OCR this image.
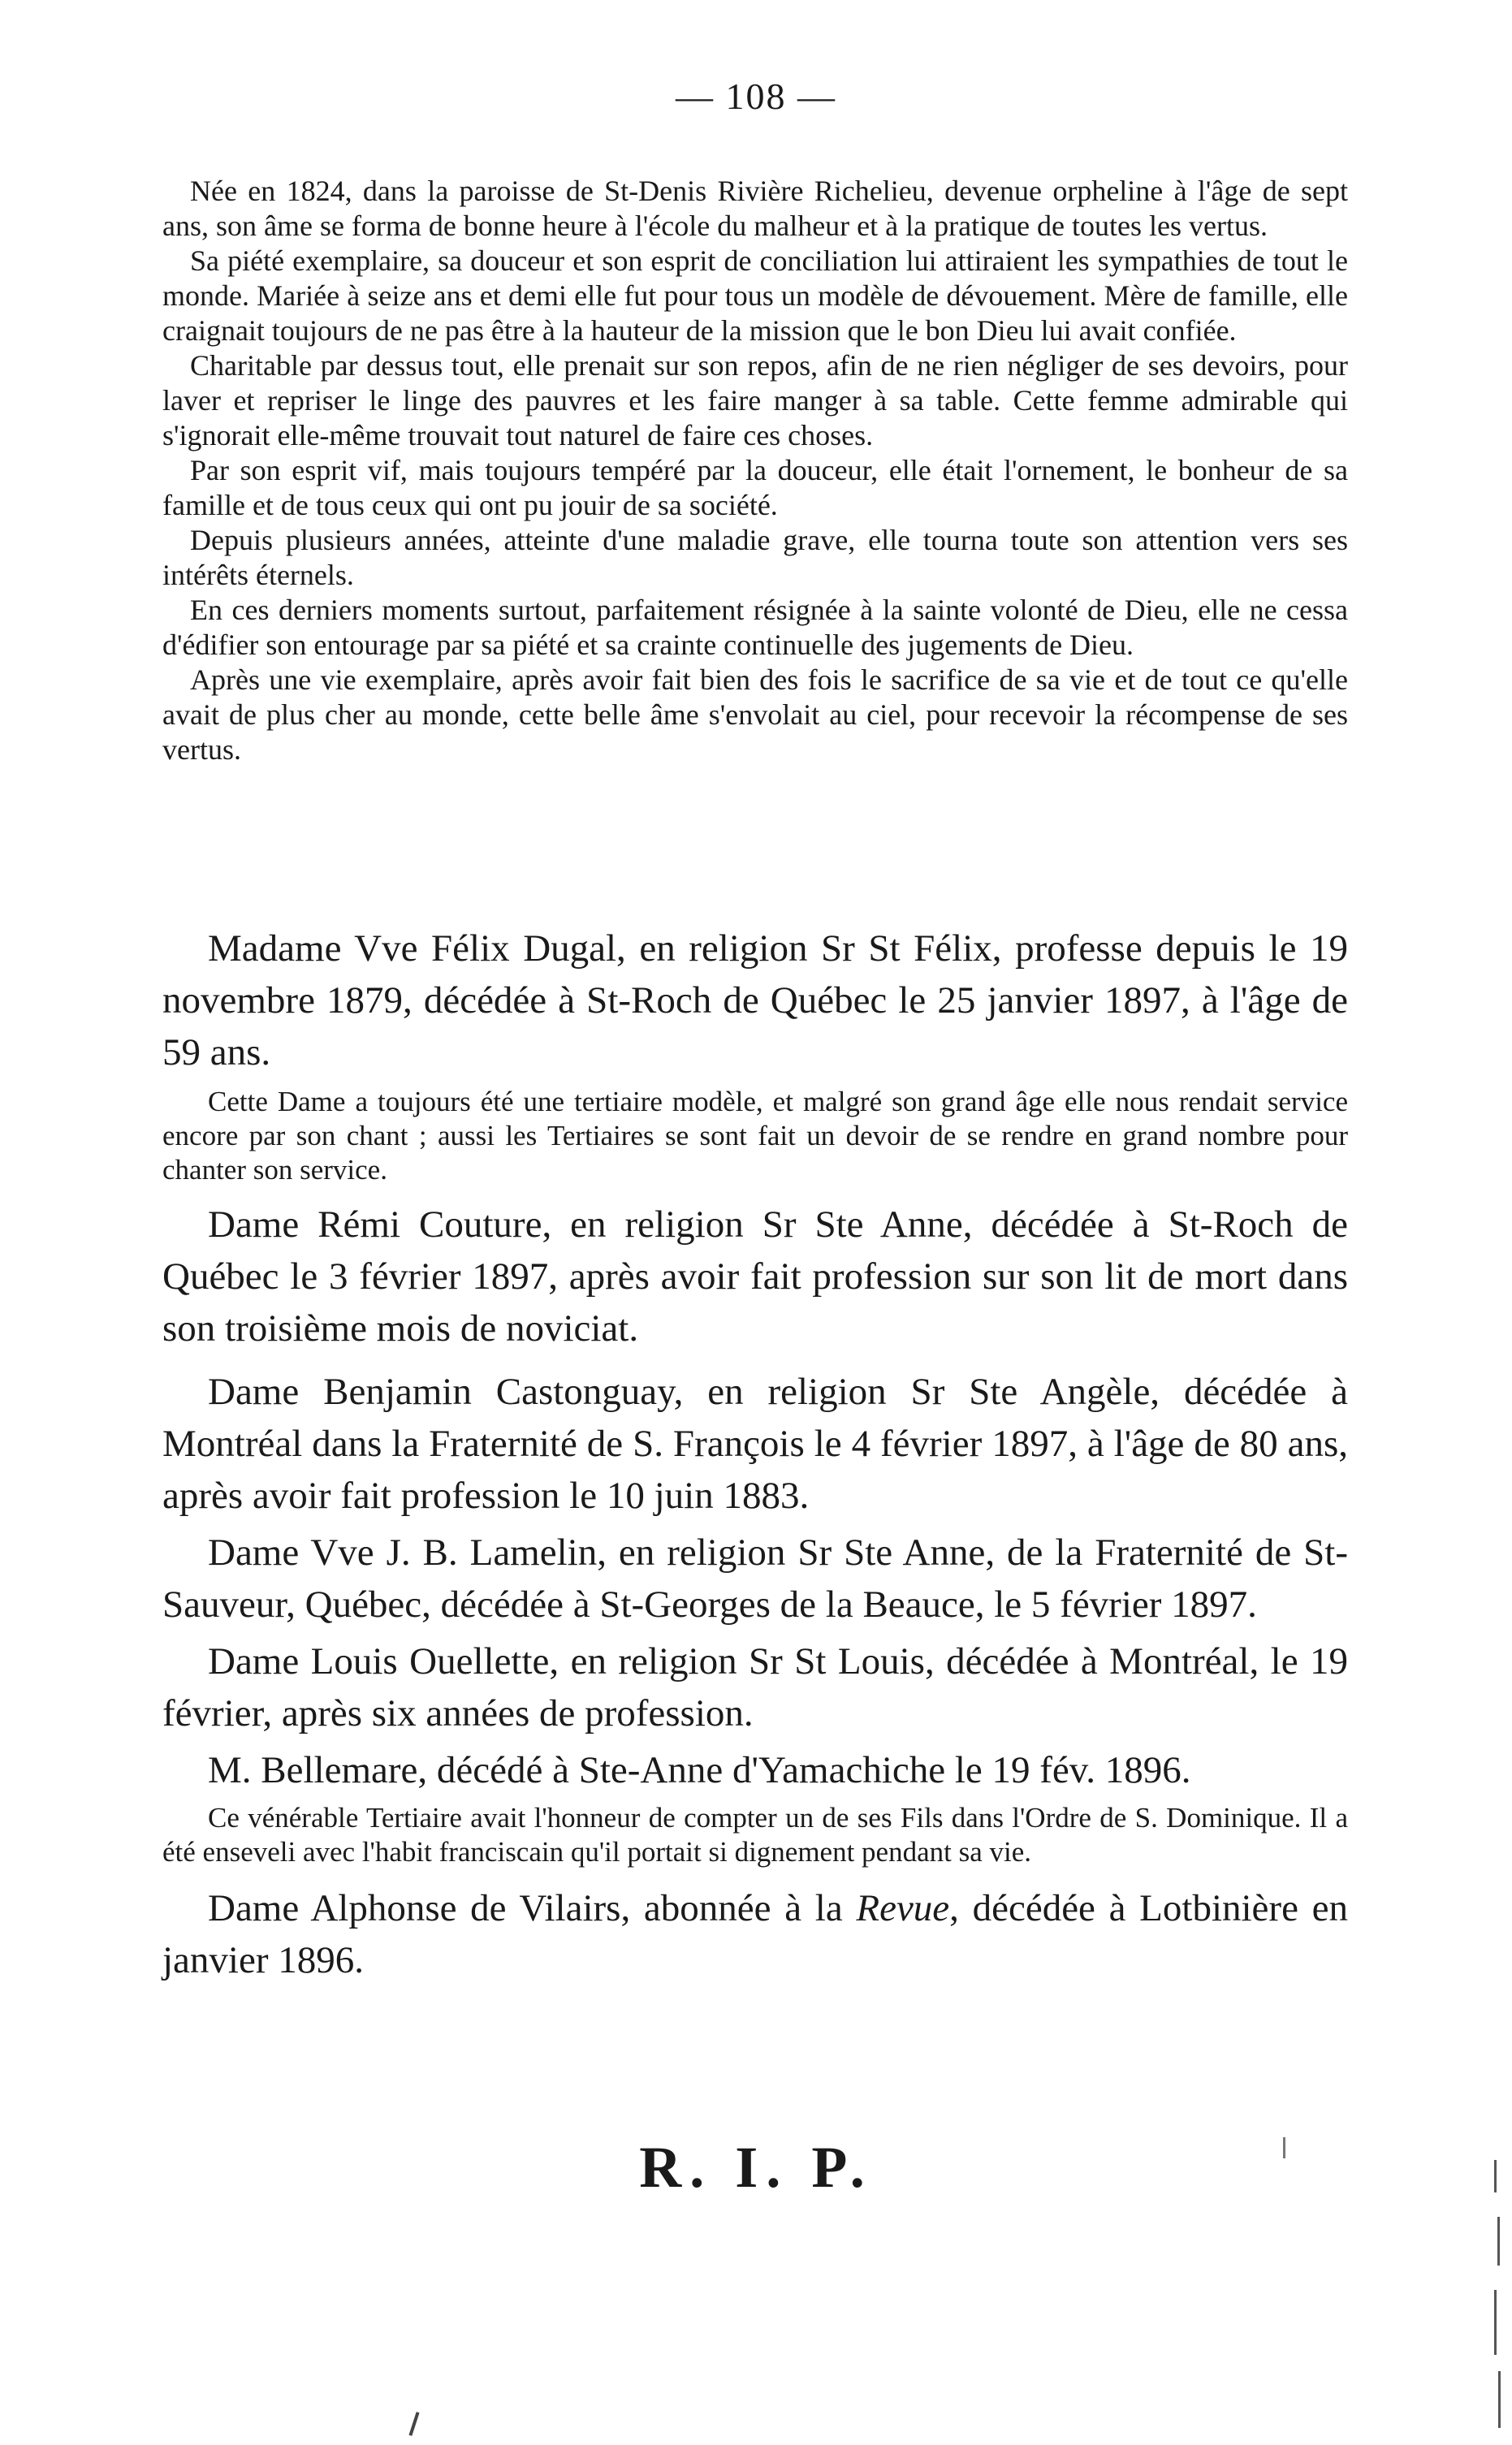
— 108 —

Née en 1824, dans la paroisse de St-Denis Rivière Richelieu, devenue orpheline à l'âge de sept ans, son âme se forma de bonne heure à l'école du malheur et à la pratique de toutes les vertus.

Sa piété exemplaire, sa douceur et son esprit de conciliation lui attiraient les sympathies de tout le monde. Mariée à seize ans et demi elle fut pour tous un modèle de dévouement. Mère de famille, elle craignait toujours de ne pas être à la hauteur de la mission que le bon Dieu lui avait confiée.

Charitable par dessus tout, elle prenait sur son repos, afin de ne rien négliger de ses devoirs, pour laver et repriser le linge des pauvres et les faire manger à sa table. Cette femme admirable qui s'ignorait elle-même trouvait tout naturel de faire ces choses.

Par son esprit vif, mais toujours tempéré par la douceur, elle était l'ornement, le bonheur de sa famille et de tous ceux qui ont pu jouir de sa société.

Depuis plusieurs années, atteinte d'une maladie grave, elle tourna toute son attention vers ses intérêts éternels.

En ces derniers moments surtout, parfaitement résignée à la sainte volonté de Dieu, elle ne cessa d'édifier son entourage par sa piété et sa crainte continuelle des jugements de Dieu.

Après une vie exemplaire, après avoir fait bien des fois le sacrifice de sa vie et de tout ce qu'elle avait de plus cher au monde, cette belle âme s'envolait au ciel, pour recevoir la récompense de ses vertus.

Madame Vve Félix Dugal, en religion Sr St Félix, professe depuis le 19 novembre 1879, décédée à St-Roch de Québec le 25 janvier 1897, à l'âge de 59 ans.

Cette Dame a toujours été une tertiaire modèle, et malgré son grand âge elle nous rendait service encore par son chant ; aussi les Tertiaires se sont fait un devoir de se rendre en grand nombre pour chanter son service.

Dame Rémi Couture, en religion Sr Ste Anne, décédée à St-Roch de Québec le 3 février 1897, après avoir fait profession sur son lit de mort dans son troisième mois de noviciat.

Dame Benjamin Castonguay, en religion Sr Ste Angèle, décédée à Montréal dans la Fraternité de S. François le 4 février 1897, à l'âge de 80 ans, après avoir fait profession le 10 juin 1883.

Dame Vve J. B. Lamelin, en religion Sr Ste Anne, de la Fraternité de St-Sauveur, Québec, décédée à St-Georges de la Beauce, le 5 février 1897.

Dame Louis Ouellette, en religion Sr St Louis, décédée à Montréal, le 19 février, après six années de profession.

M. Bellemare, décédé à Ste-Anne d'Yamachiche le 19 fév. 1896.

Ce vénérable Tertiaire avait l'honneur de compter un de ses Fils dans l'Ordre de S. Dominique. Il a été enseveli avec l'habit franciscain qu'il portait si dignement pendant sa vie.

Dame Alphonse de Vilairs, abonnée à la Revue, décédée à Lotbinière en janvier 1896.

R. I. P.
